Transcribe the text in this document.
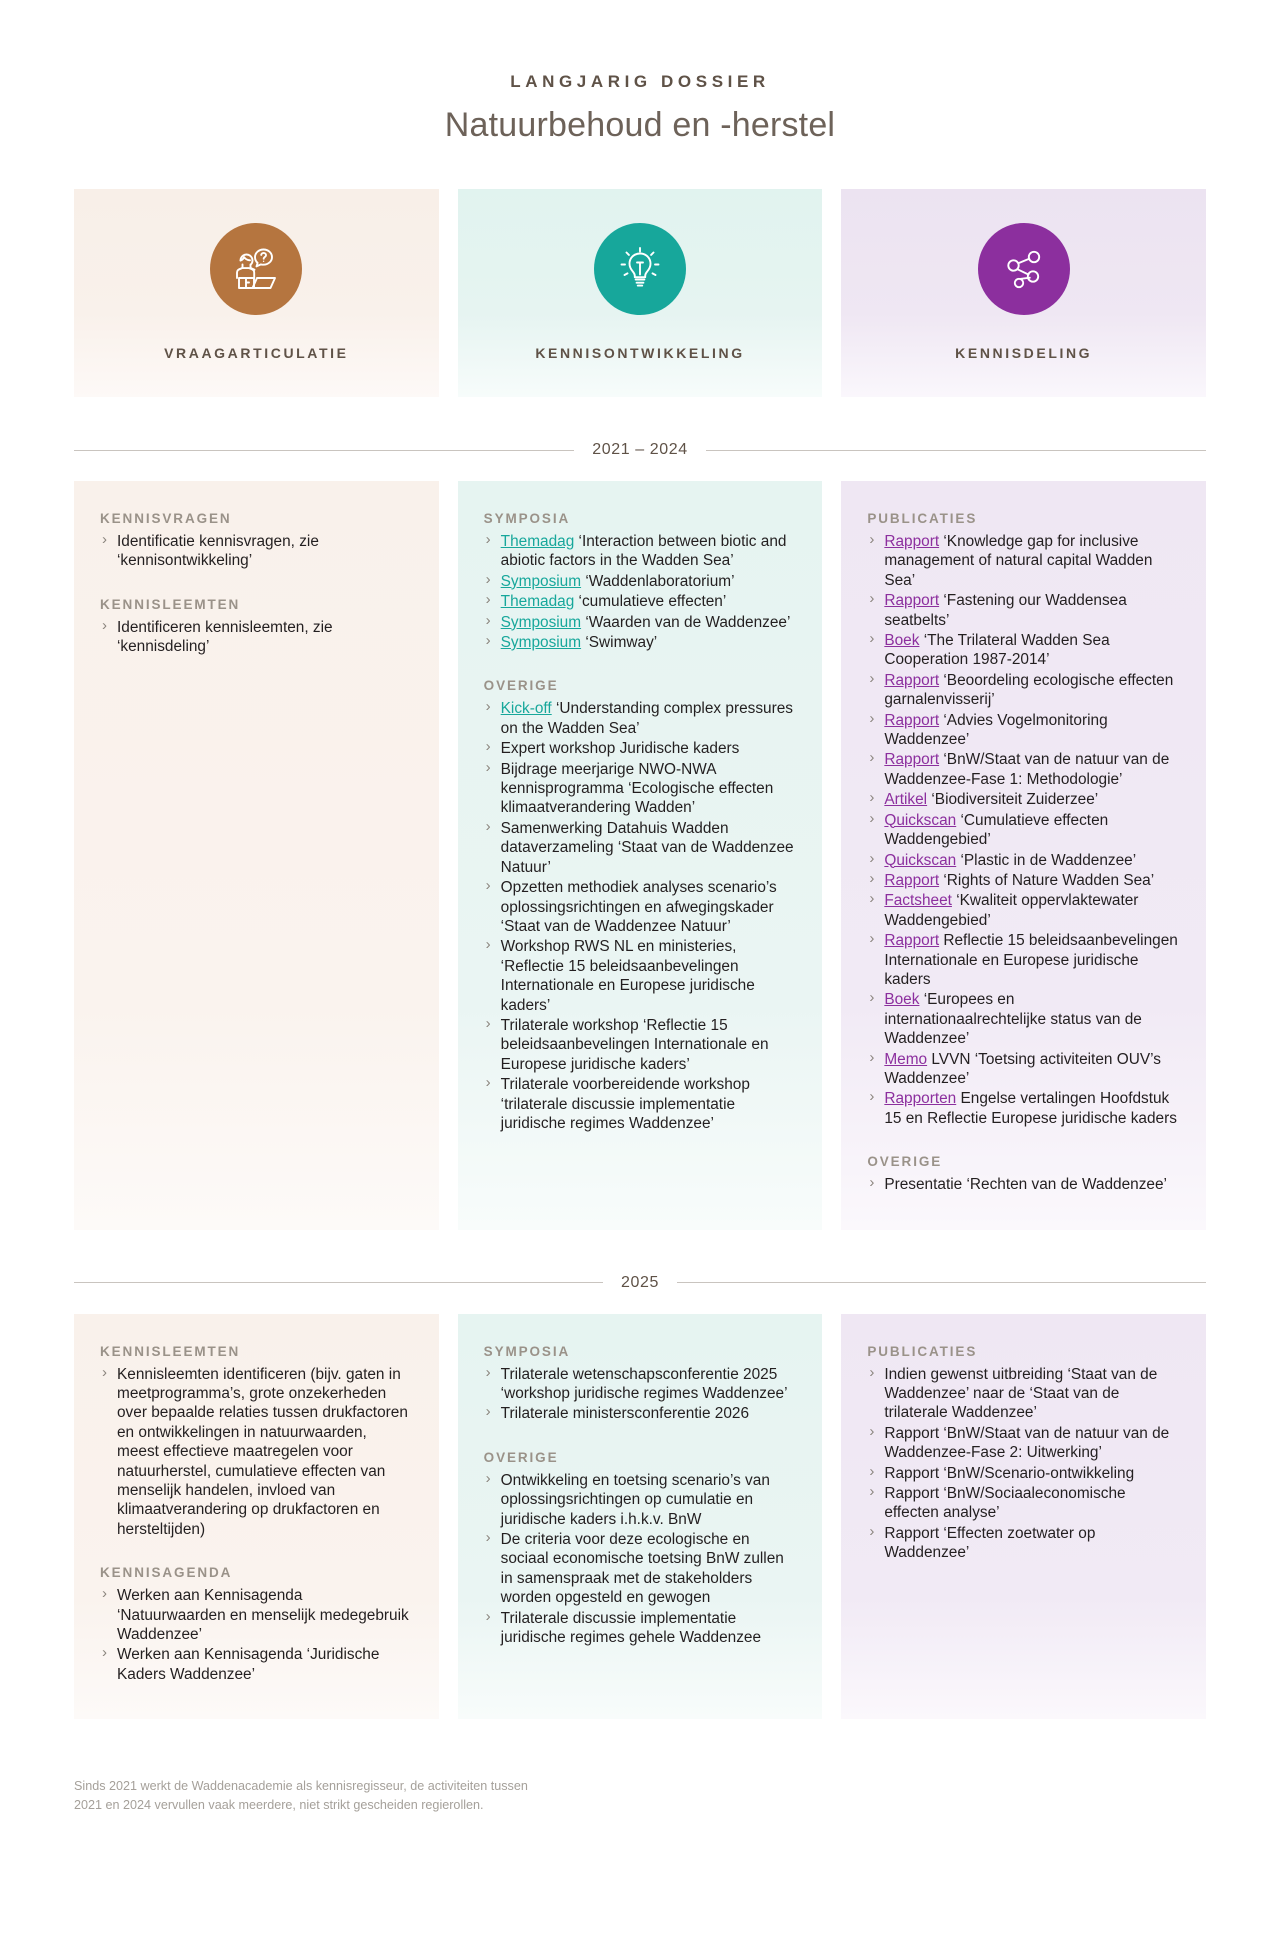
LANGJARIG DOSSIER
Natuurbehoud en -herstel
VRAAGARTICULATIE	KENNISONTWIKKELING	KENNISDELING
2021 – 2024
KENNISVRAGEN
› Identificatie kennisvragen, zie ‘kennisontwikkeling’
KENNISLEEMTEN
› Identificeren kennisleemten, zie ‘kennisdeling’
SYMPOSIA
› Themadag ‘Interaction between biotic and abiotic factors in the Wadden Sea’
› Symposium ‘Waddenlaboratorium’
› Themadag ‘cumulatieve effecten’
› Symposium ‘Waarden van de Waddenzee’
› Symposium ‘Swimway’
OVERIGE
› Kick-off ‘Understanding complex pressures on the Wadden Sea’
› Expert workshop Juridische kaders
› Bijdrage meerjarige NWO-NWA kennisprogramma ‘Ecologische effecten klimaatverandering Wadden’
› Samenwerking Datahuis Wadden dataverzameling ‘Staat van de Waddenzee Natuur’
› Opzetten methodiek analyses scenario’s oplossingsrichtingen en afwegingskader ‘Staat van de Waddenzee Natuur’
› Workshop RWS NL en ministeries, ‘Reflectie 15 beleidsaanbevelingen Internationale en Europese juridische kaders’
› Trilaterale workshop ‘Reflectie 15 beleidsaanbevelingen Internationale en Europese juridische kaders’
› Trilaterale voorbereidende workshop ‘trilaterale discussie implementatie juridische regimes Waddenzee’
PUBLICATIES
› Rapport ‘Knowledge gap for inclusive management of natural capital Wadden Sea’
› Rapport ‘Fastening our Waddensea seatbelts’
› Boek ‘The Trilateral Wadden Sea Cooperation 1987-2014’
› Rapport ‘Beoordeling ecologische effecten garnalenvisserij’
› Rapport ‘Advies Vogelmonitoring Waddenzee’
› Rapport ‘BnW/Staat van de natuur van de Waddenzee-Fase 1: Methodologie’
› Artikel ‘Biodiversiteit Zuiderzee’
› Quickscan ‘Cumulatieve effecten Waddengebied’
› Quickscan ‘Plastic in de Waddenzee’
› Rapport ‘Rights of Nature Wadden Sea’
› Factsheet ‘Kwaliteit oppervlaktewater Waddengebied’
› Rapport Reflectie 15 beleidsaanbevelingen Internationale en Europese juridische kaders
› Boek ‘Europees en internationaalrechtelijke status van de Waddenzee’
› Memo LVVN ‘Toetsing activiteiten OUV’s Waddenzee’
› Rapporten Engelse vertalingen Hoofdstuk 15 en Reflectie Europese juridische kaders
OVERIGE
› Presentatie ‘Rechten van de Waddenzee’
2025
KENNISLEEMTEN
› Kennisleemten identificeren (bijv. gaten in meetprogramma’s, grote onzekerheden over bepaalde relaties tussen drukfactoren en ontwikkelingen in natuurwaarden, meest effectieve maatregelen voor natuurherstel, cumulatieve effecten van menselijk handelen, invloed van klimaatverandering op drukfactoren en hersteltijden)
KENNISAGENDA
› Werken aan Kennisagenda ‘Natuurwaarden en menselijk medegebruik Waddenzee’
› Werken aan Kennisagenda ‘Juridische Kaders Waddenzee’
SYMPOSIA
› Trilaterale wetenschapsconferentie 2025 ‘workshop juridische regimes Waddenzee’
› Trilaterale ministersconferentie 2026
OVERIGE
› Ontwikkeling en toetsing scenario’s van oplossingsrichtingen op cumulatie en juridische kaders i.h.k.v. BnW
› De criteria voor deze ecologische en sociaal economische toetsing BnW zullen in samenspraak met de stakeholders worden opgesteld en gewogen
› Trilaterale discussie implementatie juridische regimes gehele Waddenzee
PUBLICATIES
› Indien gewenst uitbreiding ‘Staat van de Waddenzee’ naar de ‘Staat van de trilaterale Waddenzee’
› Rapport ‘BnW/Staat van de natuur van de Waddenzee-Fase 2: Uitwerking’
› Rapport ‘BnW/Scenario-ontwikkeling
› Rapport ‘BnW/Sociaaleconomische effecten analyse’
› Rapport ‘Effecten zoetwater op Waddenzee’
Sinds 2021 werkt de Waddenacademie als kennisregisseur, de activiteiten tussen
2021 en 2024 vervullen vaak meerdere, niet strikt gescheiden regierollen.
